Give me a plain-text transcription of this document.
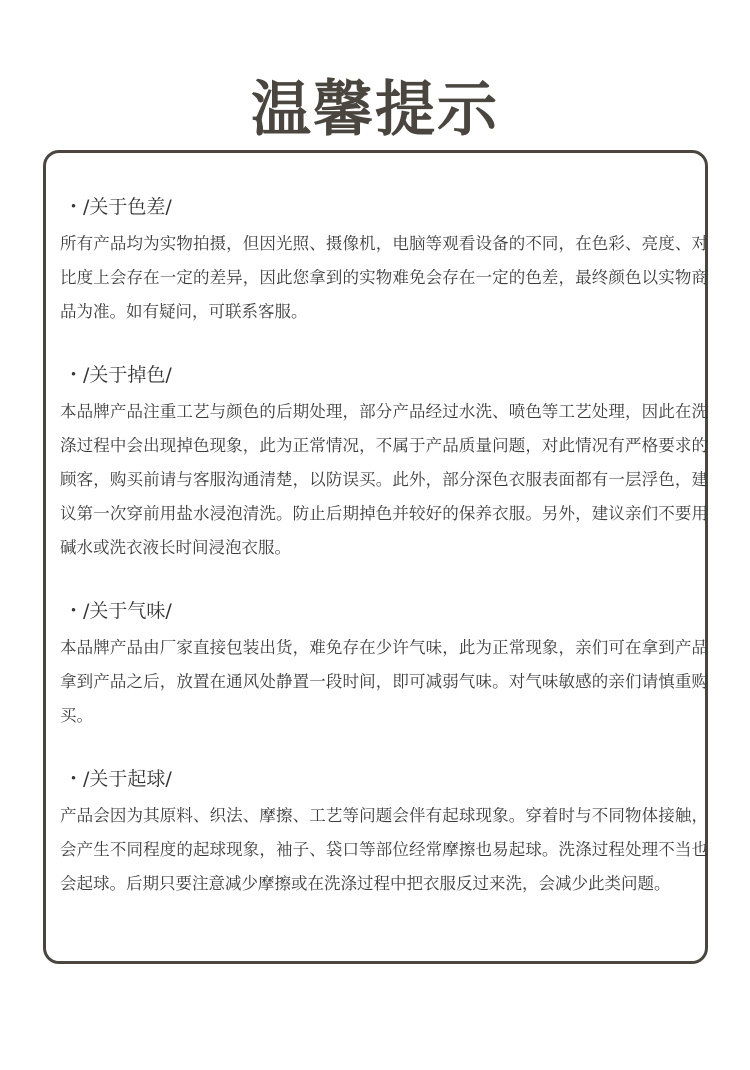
温馨提示
・/关于色差/

所有产品均为实物拍摄，但因光照、摄像机，电脑等观看设备的不同，在色彩、亮度、对比度上会存在一定的差异，因此您拿到的实物难免会存在一定的色差，最终颜色以实物商品为准。如有疑问，可联系客服。

・/关于掉色/

本品牌产品注重工艺与颜色的后期处理，部分产品经过水洗、喷色等工艺处理，因此在洗涤过程中会出现掉色现象，此为正常情况，不属于产品质量问题，对此情况有严格要求的顾客，购买前请与客服沟通清楚，以防误买。此外，部分深色衣服表面都有一层浮色，建议第一次穿前用盐水浸泡清洗。防止后期掉色并较好的保养衣服。另外，建议亲们不要用碱水或洗衣液长时间浸泡衣服。

・/关于气味/

本品牌产品由厂家直接包装出货，难免存在少许气味，此为正常现象，亲们可在拿到产品拿到产品之后，放置在通风处静置一段时间，即可减弱气味。对气味敏感的亲们请慎重购买。

・/关于起球/

产品会因为其原料、织法、摩擦、工艺等问题会伴有起球现象。穿着时与不同物体接触，会产生不同程度的起球现象，袖子、袋口等部位经常摩擦也易起球。洗涤过程处理不当也会起球。后期只要注意减少摩擦或在洗涤过程中把衣服反过来洗，会减少此类问题。
